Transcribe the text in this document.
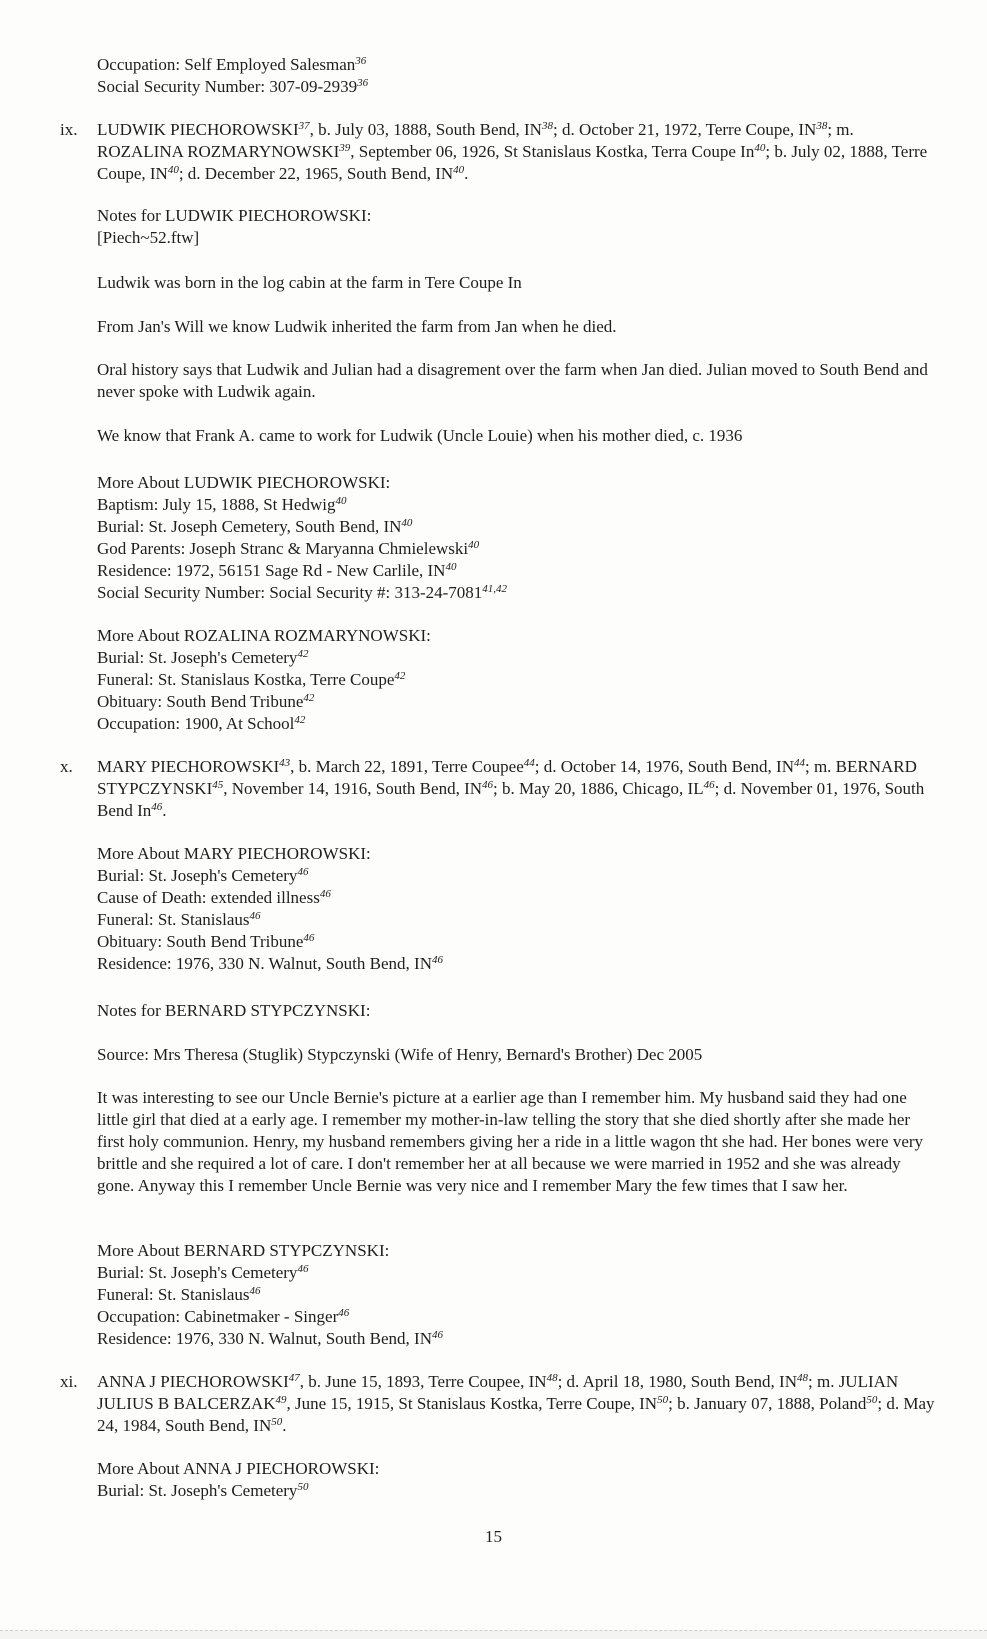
Occupation: Self Employed Salesman$^{36}$
Social Security Number: 307-09-2939$^{36}$
ix.	LUDWIK PIECHOROWSKI$^{37}$, b. July 03, 1888, South Bend, IN$^{38}$; d. October 21, 1972, Terre Coupe, IN$^{38}$; m. ROZALINA ROZMARYNOWSKI$^{39}$, September 06, 1926, St Stanislaus Kostka, Terra Coupe In$^{40}$; b. July 02, 1888, Terre Coupe, IN$^{40}$; d. December 22, 1965, South Bend, IN$^{40}$.
Notes for LUDWIK PIECHOROWSKI:
[Piech~52.ftw]
Ludwik was born in the log cabin at the farm in Tere Coupe In
From Jan's Will we know Ludwik inherited the farm from Jan when he died.
Oral history says that Ludwik and Julian had a disagrement over the farm when Jan died. Julian moved to South Bend and never spoke with Ludwik again.
We know that Frank A. came to work for Ludwik (Uncle Louie) when his mother died, c. 1936
More About LUDWIK PIECHOROWSKI:
Baptism: July 15, 1888, St Hedwig$^{40}$
Burial: St. Joseph Cemetery, South Bend, IN$^{40}$
God Parents: Joseph Stranc & Maryanna Chmielewski$^{40}$
Residence: 1972, 56151 Sage Rd - New Carlile, IN$^{40}$
Social Security Number: Social Security #: 313-24-7081$^{41,42}$
More About ROZALINA ROZMARYNOWSKI:
Burial: St. Joseph's Cemetery$^{42}$
Funeral: St. Stanislaus Kostka, Terre Coupe$^{42}$
Obituary: South Bend Tribune$^{42}$
Occupation: 1900, At School$^{42}$
x.	MARY PIECHOROWSKI$^{43}$, b. March 22, 1891, Terre Coupee$^{44}$; d. October 14, 1976, South Bend, IN$^{44}$; m. BERNARD STYPCZYNSKI$^{45}$, November 14, 1916, South Bend, IN$^{46}$; b. May 20, 1886, Chicago, IL$^{46}$; d. November 01, 1976, South Bend In$^{46}$.
More About MARY PIECHOROWSKI:
Burial: St. Joseph's Cemetery$^{46}$
Cause of Death: extended illness$^{46}$
Funeral: St. Stanislaus$^{46}$
Obituary: South Bend Tribune$^{46}$
Residence: 1976, 330 N. Walnut, South Bend, IN$^{46}$
Notes for BERNARD STYPCZYNSKI:
Source: Mrs Theresa (Stuglik) Stypczynski (Wife of Henry, Bernard's Brother) Dec 2005
It was interesting to see our Uncle Bernie's picture at a earlier age than I remember him. My husband said they had one little girl that died at a early age. I remember my mother-in-law telling the story that she died shortly after she made her first holy communion. Henry, my husband remembers giving her a ride in a little wagon tht she had. Her bones were very brittle and she required a lot of care. I don't remember her at all because we were married in 1952 and she was already gone. Anyway this I remember Uncle Bernie was very nice and I remember Mary the few times that I saw her.
More About BERNARD STYPCZYNSKI:
Burial: St. Joseph's Cemetery$^{46}$
Funeral: St. Stanislaus$^{46}$
Occupation: Cabinetmaker - Singer$^{46}$
Residence: 1976, 330 N. Walnut, South Bend, IN$^{46}$
xi.	ANNA J PIECHOROWSKI$^{47}$, b. June 15, 1893, Terre Coupee, IN$^{48}$; d. April 18, 1980, South Bend, IN$^{48}$; m. JULIAN JULIUS B BALCERZAK$^{49}$, June 15, 1915, St Stanislaus Kostka, Terre Coupe, IN$^{50}$; b. January 07, 1888, Poland$^{50}$; d. May 24, 1984, South Bend, IN$^{50}$.
More About ANNA J PIECHOROWSKI:
Burial: St. Joseph's Cemetery$^{50}$
15
